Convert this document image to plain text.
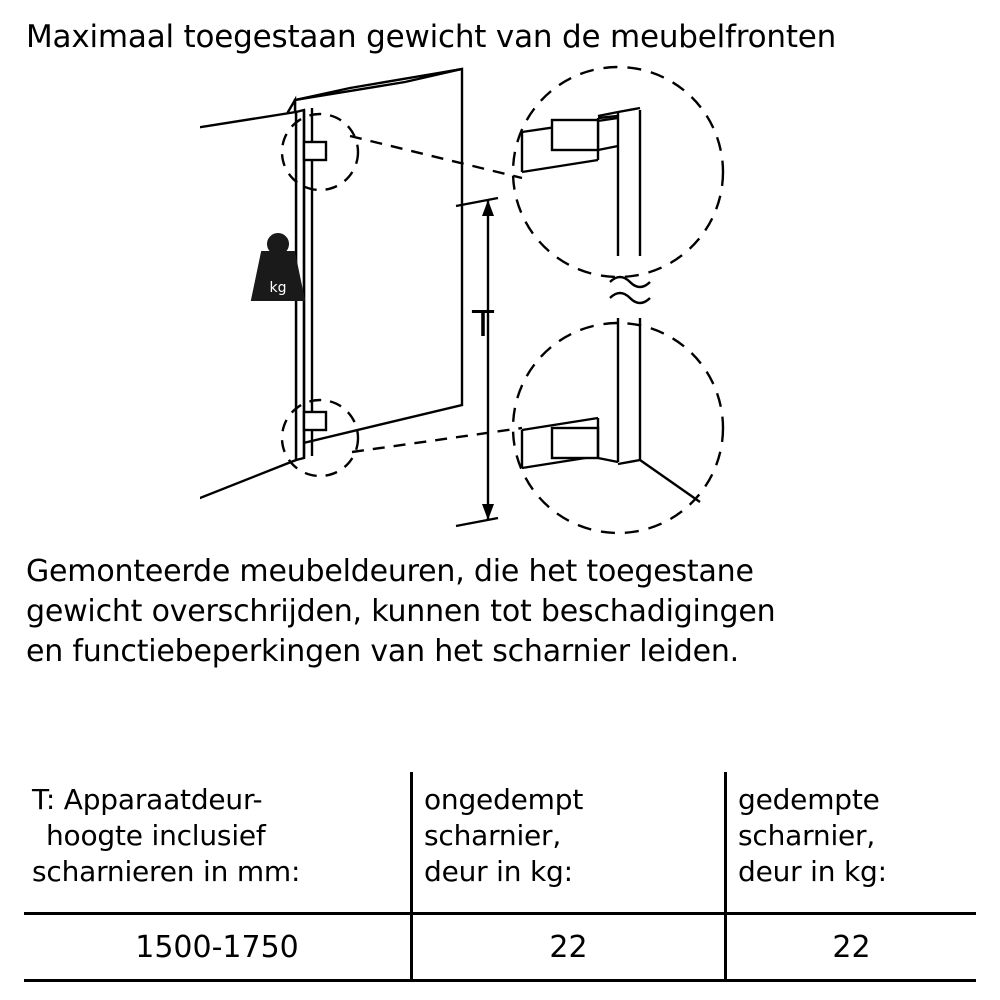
Maximaal toegestaan gewicht van de meubelfronten
kg
T
Gemonteerde meubeldeuren, die het toegestane
gewicht overschrijden, kunnen tot beschadigingen
en functiebeperkingen van het scharnier leiden.
T: Apparaatdeur-
hoogte inclusief
scharnieren in mm:
ongedempt
scharnier,
deur in kg:
gedempte
scharnier,
deur in kg:
1500-1750	22	22
